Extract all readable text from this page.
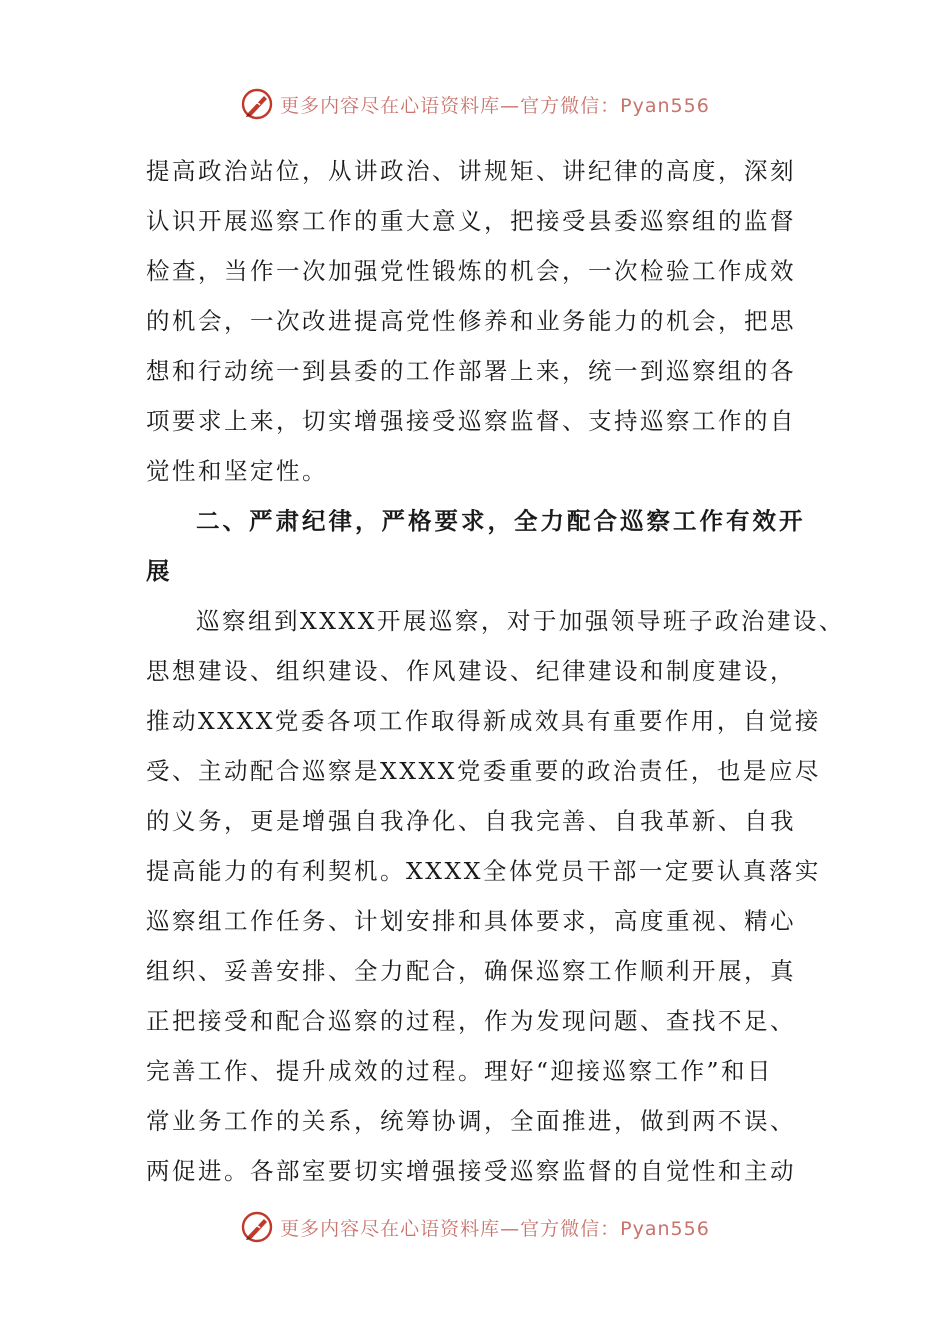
更多内容尽在心语资料库—官方微信：Pyan556
提高政治站位，从讲政治、讲规矩、讲纪律的高度，深刻
认识开展巡察工作的重大意义，把接受县委巡察组的监督
检查，当作一次加强党性锻炼的机会，一次检验工作成效
的机会，一次改进提高党性修养和业务能力的机会，把思
想和行动统一到县委的工作部署上来，统一到巡察组的各
项要求上来，切实增强接受巡察监督、支持巡察工作的自
觉性和坚定性。
二、严肃纪律，严格要求，全力配合巡察工作有效开
展
巡察组到XXXX开展巡察，对于加强领导班子政治建设、
思想建设、组织建设、作风建设、纪律建设和制度建设，
推动XXXX党委各项工作取得新成效具有重要作用，自觉接
受、主动配合巡察是XXXX党委重要的政治责任，也是应尽
的义务，更是增强自我净化、自我完善、自我革新、自我
提高能力的有利契机。XXXX全体党员干部一定要认真落实
巡察组工作任务、计划安排和具体要求，高度重视、精心
组织、妥善安排、全力配合，确保巡察工作顺利开展，真
正把接受和配合巡察的过程，作为发现问题、查找不足、
完善工作、提升成效的过程。理好“迎接巡察工作”和日
常业务工作的关系，统筹协调，全面推进，做到两不误、
两促进。各部室要切实增强接受巡察监督的自觉性和主动
更多内容尽在心语资料库—官方微信：Pyan556
